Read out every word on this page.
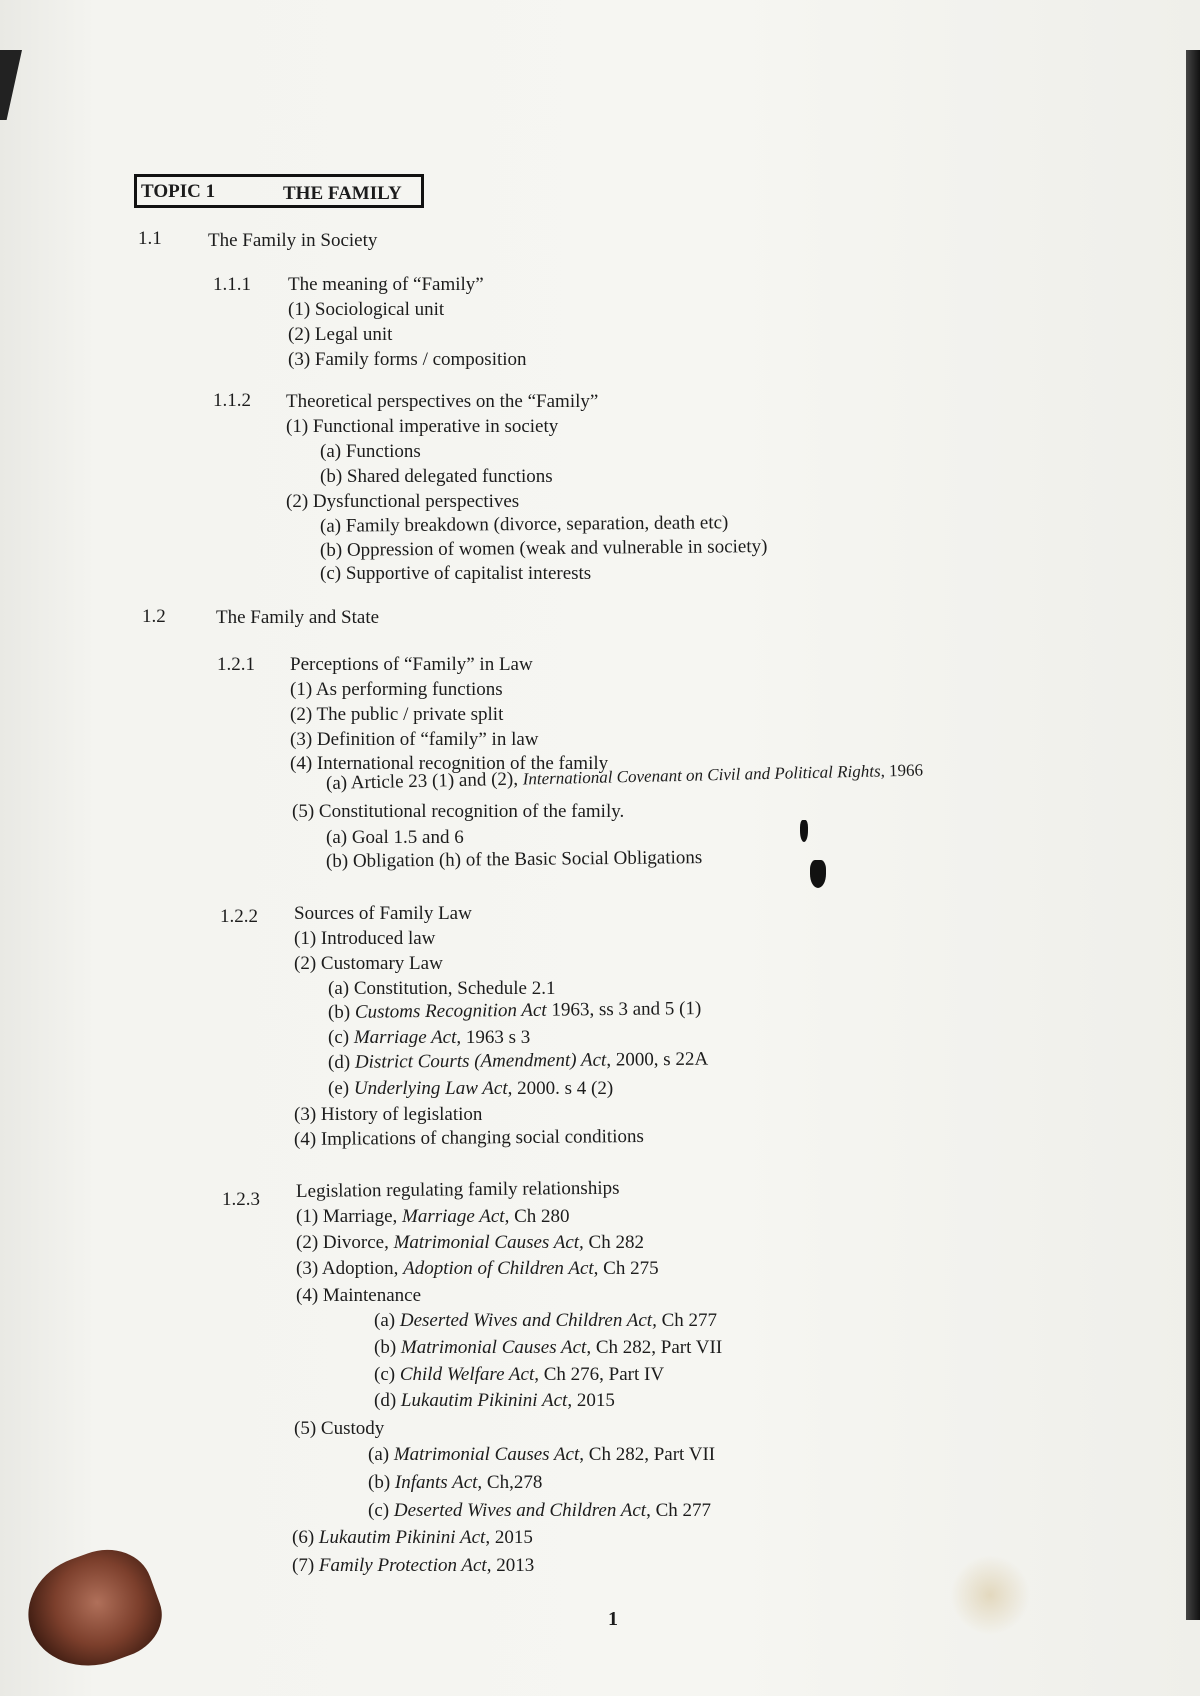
TOPIC 1	THE FAMILY
1.1 The Family in Society
1.1.1 The meaning of “Family”
(1) Sociological unit
(2) Legal unit
(3) Family forms / composition
1.1.2 Theoretical perspectives on the “Family”
(1) Functional imperative in society
(a) Functions
(b) Shared delegated functions
(2) Dysfunctional perspectives
(a) Family breakdown (divorce, separation, death etc)
(b) Oppression of women (weak and vulnerable in society)
(c) Supportive of capitalist interests
1.2	The Family and State
1.2.1 Perceptions of “Family” in Law
(1) As performing functions
(2) The public / private split
(3) Definition of “family” in law
(4) International recognition of the family
(a) Article 23 (1) and (2), International Covenant on Civil and Political Rights, 1966
(5) Constitutional recognition of the family.
(a) Goal 1.5 and 6
(b) Obligation (h) of the Basic Social Obligations
1.2.2 Sources of Family Law
(1) Introduced law
(2) Customary Law
(a) Constitution, Schedule 2.1
(b) Customs Recognition Act 1963, ss 3 and 5 (1)
(c) Marriage Act, 1963 s 3
(d) District Courts (Amendment) Act, 2000, s 22A
(e) Underlying Law Act, 2000. s 4 (2)
(3) History of legislation
(4) Implications of changing social conditions
1.2.3 Legislation regulating family relationships
(1) Marriage, Marriage Act, Ch 280
(2) Divorce, Matrimonial Causes Act, Ch 282
(3) Adoption, Adoption of Children Act, Ch 275
(4) Maintenance
(a) Deserted Wives and Children Act, Ch 277
(b) Matrimonial Causes Act, Ch 282, Part VII
(c) Child Welfare Act, Ch 276, Part IV
(d) Lukautim Pikinini Act, 2015
(5) Custody
(a) Matrimonial Causes Act, Ch 282, Part VII
(b) Infants Act, Ch,278
(c) Deserted Wives and Children Act, Ch 277
(6) Lukautim Pikinini Act, 2015
(7) Family Protection Act, 2013
1
